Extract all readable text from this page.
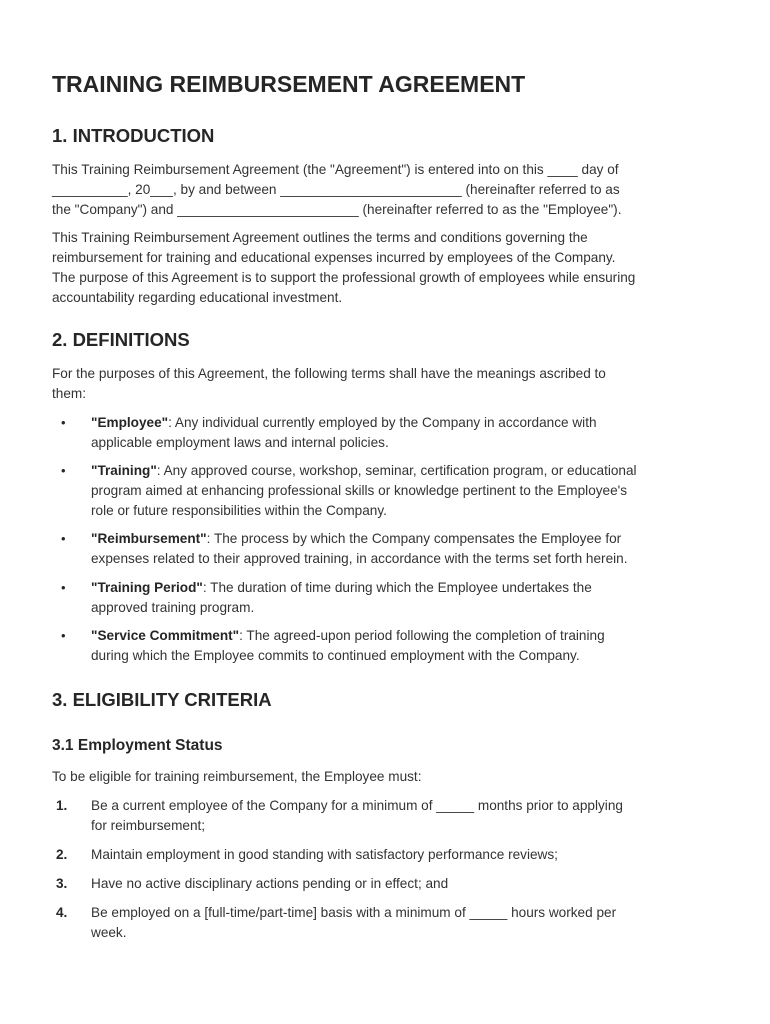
TRAINING REIMBURSEMENT AGREEMENT
1. INTRODUCTION

This Training Reimbursement Agreement (the "Agreement") is entered into on this ____ day of
__________, 20___, by and between ________________________ (hereinafter referred to as
the "Company") and ________________________ (hereinafter referred to as the "Employee").

This Training Reimbursement Agreement outlines the terms and conditions governing the
reimbursement for training and educational expenses incurred by employees of the Company.
The purpose of this Agreement is to support the professional growth of employees while ensuring
accountability regarding educational investment.

2. DEFINITIONS

For the purposes of this Agreement, the following terms shall have the meanings ascribed to
them:

• "Employee": Any individual currently employed by the Company in accordance with
applicable employment laws and internal policies.
• "Training": Any approved course, workshop, seminar, certification program, or educational
program aimed at enhancing professional skills or knowledge pertinent to the Employee's
role or future responsibilities within the Company.
• "Reimbursement": The process by which the Company compensates the Employee for
expenses related to their approved training, in accordance with the terms set forth herein.
• "Training Period": The duration of time during which the Employee undertakes the
approved training program.
• "Service Commitment": The agreed-upon period following the completion of training
during which the Employee commits to continued employment with the Company.
3. ELIGIBILITY CRITERIA
3.1 Employment Status

To be eligible for training reimbursement, the Employee must:

1. Be a current employee of the Company for a minimum of _____ months prior to applying
for reimbursement;
2. Maintain employment in good standing with satisfactory performance reviews;
3. Have no active disciplinary actions pending or in effect; and
4. Be employed on a [full-time/part-time] basis with a minimum of _____ hours worked per
week.
